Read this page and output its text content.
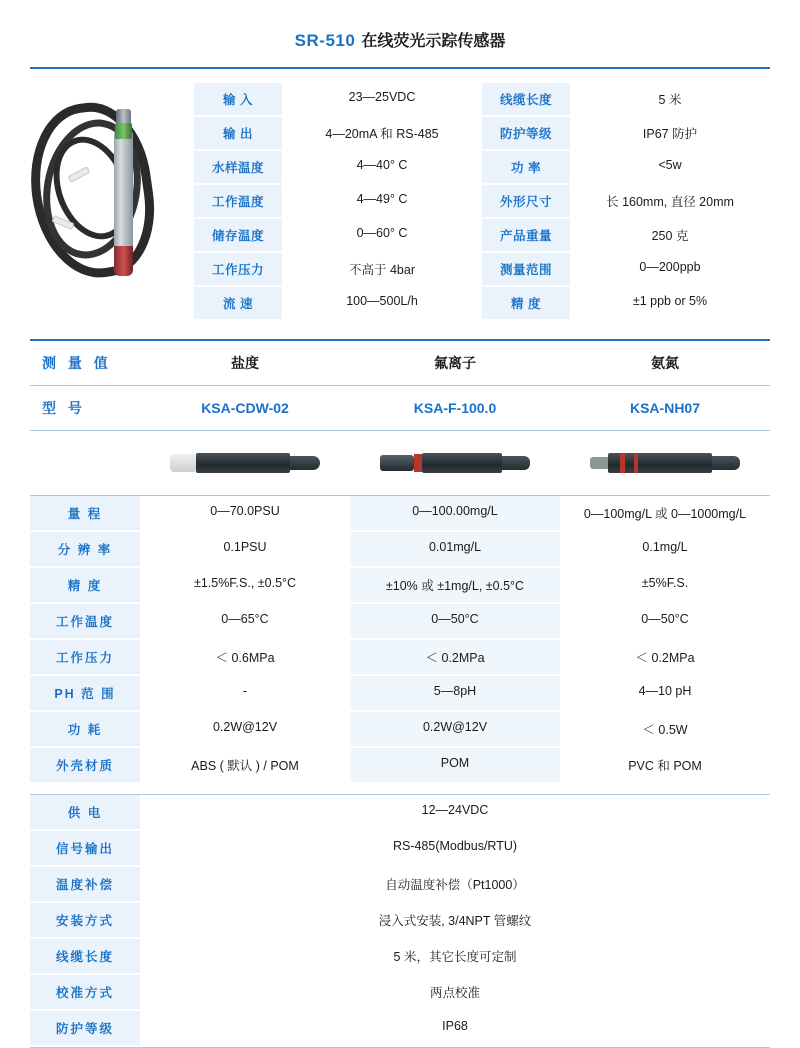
SR-510 在线荧光示踪传感器
输 入	23—25VDC	线缆长度	5 米
输 出	4—20mA 和 RS-485	防护等级	IP67 防护
水样温度	4—40° C	功 率	<5w
工作温度	4—49° C	外形尺寸	长 160mm, 直径 20mm
储存温度	0—60° C	产品重量	250 克
工作压力	不高于 4bar	测量范围	0—200ppb
流 速	100—500L/h	精 度	±1 ppb or 5%
测 量 值	盐度	氟离子	氨氮
型 号	KSA-CDW-02	KSA-F-100.0	KSA-NH07
量 程	0—70.0PSU	0—100.00mg/L	0—100mg/L 或 0—1000mg/L
分 辨 率	0.1PSU	0.01mg/L	0.1mg/L
精 度	±1.5%F.S., ±0.5°C	±10% 或 ±1mg/L, ±0.5°C	±5%F.S.
工作温度	0—65°C	0—50°C	0—50°C
工作压力	＜ 0.6MPa	＜ 0.2MPa	＜ 0.2MPa
PH 范 围	-	5—8pH	4—10 pH
功 耗	0.2W@12V	0.2W@12V	＜ 0.5W
外壳材质	ABS ( 默认 ) / POM	POM	PVC 和 POM
供 电	12—24VDC
信号输出	RS-485(Modbus/RTU)
温度补偿	自动温度补偿（Pt1000）
安装方式	浸入式安装, 3/4NPT 管螺纹
线缆长度	5 米，其它长度可定制
校准方式	两点校准
防护等级	IP68
